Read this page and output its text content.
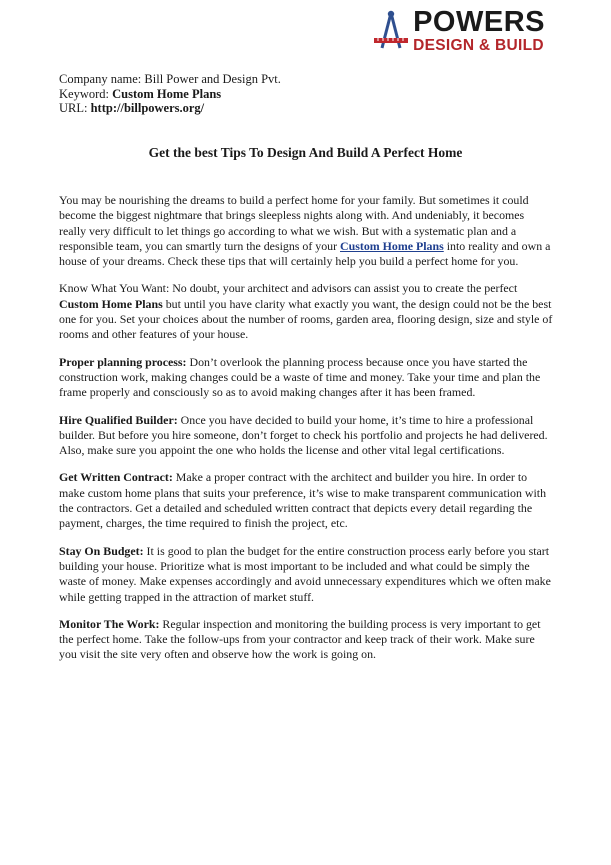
POWERS
DESIGN & BUILD
Company name: Bill Power and Design Pvt.
Keyword: Custom Home Plans
URL: http://billpowers.org/
Get the best Tips To Design And Build A Perfect Home

You may be nourishing the dreams to build a perfect home for your family. But sometimes it could become the biggest nightmare that brings sleepless nights along with. And undeniably, it becomes really very difficult to let things go according to what we wish. But with a systematic plan and a responsible team, you can smartly turn the designs of your Custom Home Plans into reality and own a house of your dreams. Check these tips that will certainly help you build a perfect home for you.

Know What You Want: No doubt, your architect and advisors can assist you to create the perfect Custom Home Plans but until you have clarity what exactly you want, the design could not be the best one for you. Set your choices about the number of rooms, garden area, flooring design, size and style of rooms and other features of your house.

Proper planning process: Don’t overlook the planning process because once you have started the construction work, making changes could be a waste of time and money. Take your time and plan the frame properly and consciously so as to avoid making changes after it has been framed.

Hire Qualified Builder: Once you have decided to build your home, it’s time to hire a professional builder. But before you hire someone, don’t forget to check his portfolio and projects he had delivered. Also, make sure you appoint the one who holds the license and other vital legal certifications.

Get Written Contract: Make a proper contract with the architect and builder you hire. In order to make custom home plans that suits your preference, it’s wise to make transparent communication with the contractors. Get a detailed and scheduled written contract that depicts every detail regarding the payment, charges, the time required to finish the project, etc.

Stay On Budget: It is good to plan the budget for the entire construction process early before you start building your house. Prioritize what is most important to be included and what could be simply the waste of money. Make expenses accordingly and avoid unnecessary expenditures which we often make while getting trapped in the attraction of market stuff.

Monitor The Work: Regular inspection and monitoring the building process is very important to get the perfect home. Take the follow-ups from your contractor and keep track of their work. Make sure you visit the site very often and observe how the work is going on.
